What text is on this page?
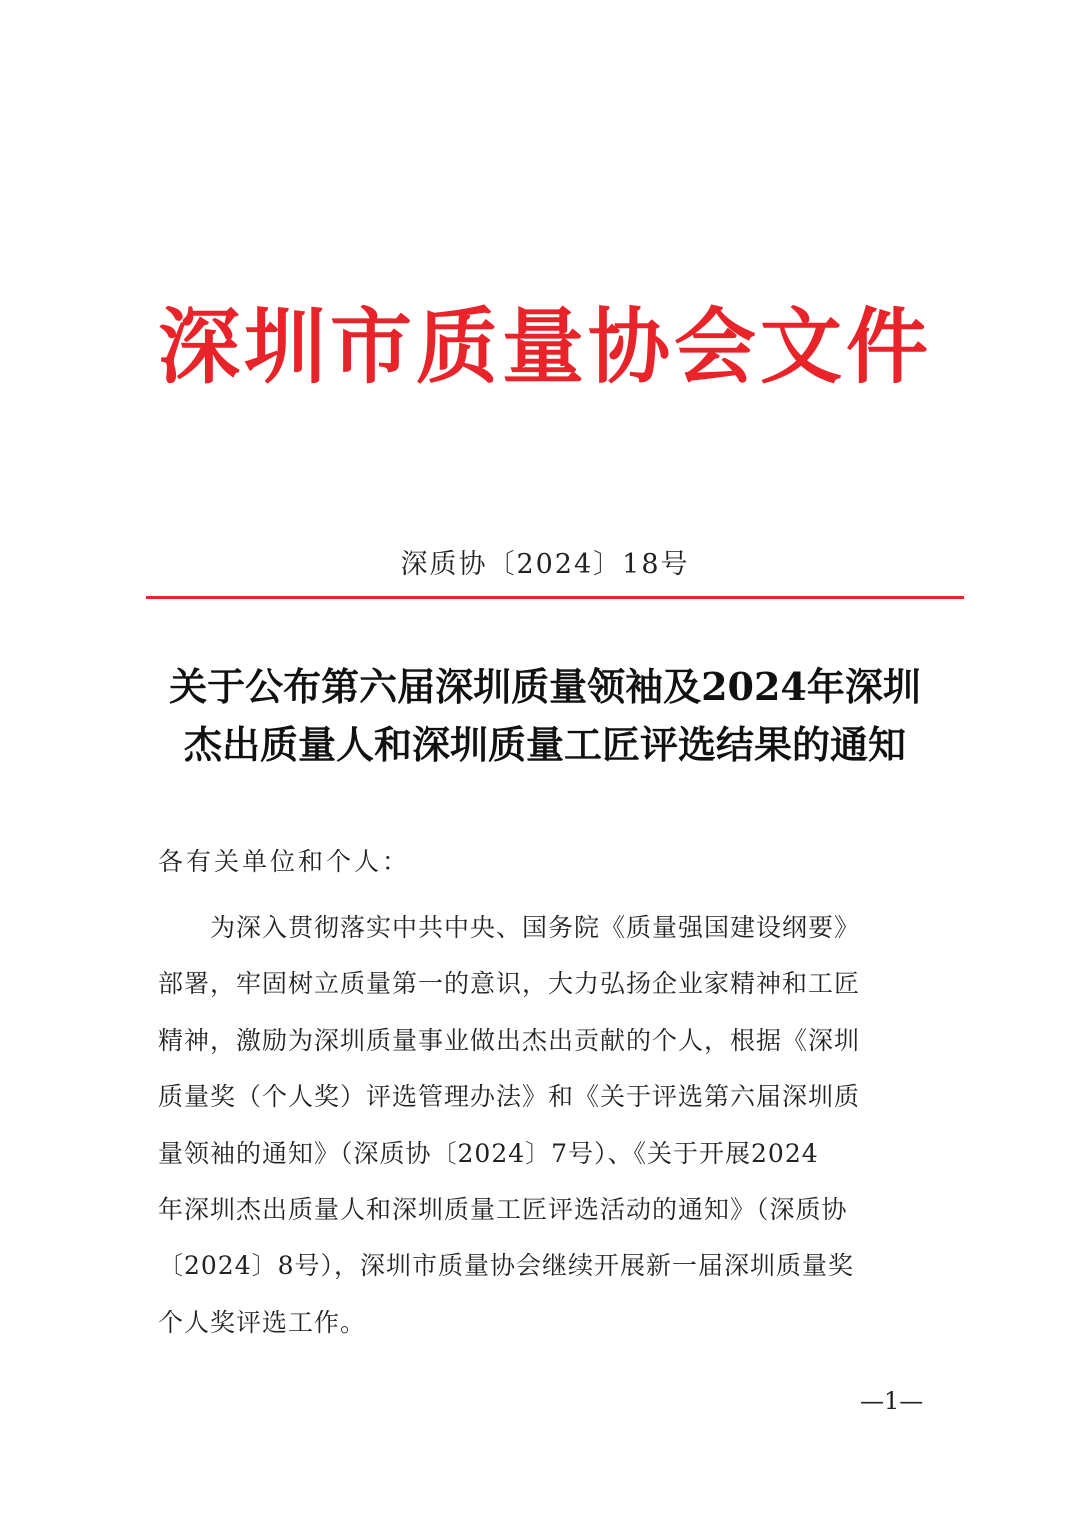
深圳市质量协会文件
深质协〔2024〕18号
关于公布第六届深圳质量领袖及2024年深圳
杰出质量人和深圳质量工匠评选结果的通知
各有关单位和个人：
　　为深入贯彻落实中共中央、国务院《质量强国建设纲要》
部署，牢固树立质量第一的意识，大力弘扬企业家精神和工匠
精神，激励为深圳质量事业做出杰出贡献的个人，根据《深圳
质量奖（个人奖）评选管理办法》和《关于评选第六届深圳质
量领袖的通知》（深质协〔2024〕7号）、《关于开展2024
年深圳杰出质量人和深圳质量工匠评选活动的通知》（深质协
〔2024〕8号），深圳市质量协会继续开展新一届深圳质量奖
个人奖评选工作。
—1—
